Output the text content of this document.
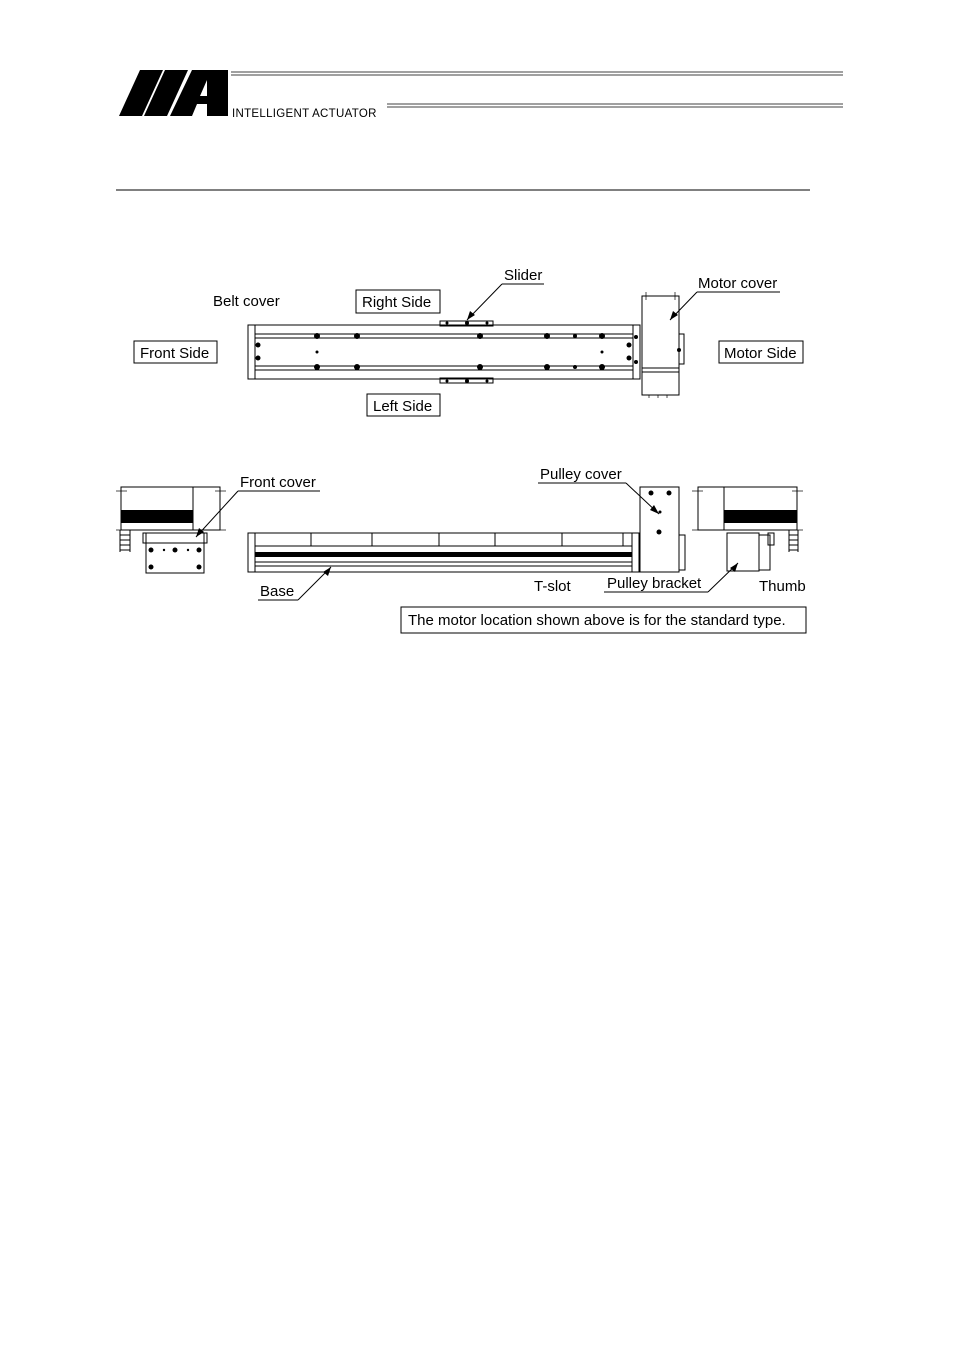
INTELLIGENT ACTUATOR
Slider
Belt cover	Right Side
Motor cover
Front Side	Motor Side
Left Side
Front cover	Pulley cover
Base	T-slot Pulley bracket	Thumb
The motor location shown above is for the standard type.
